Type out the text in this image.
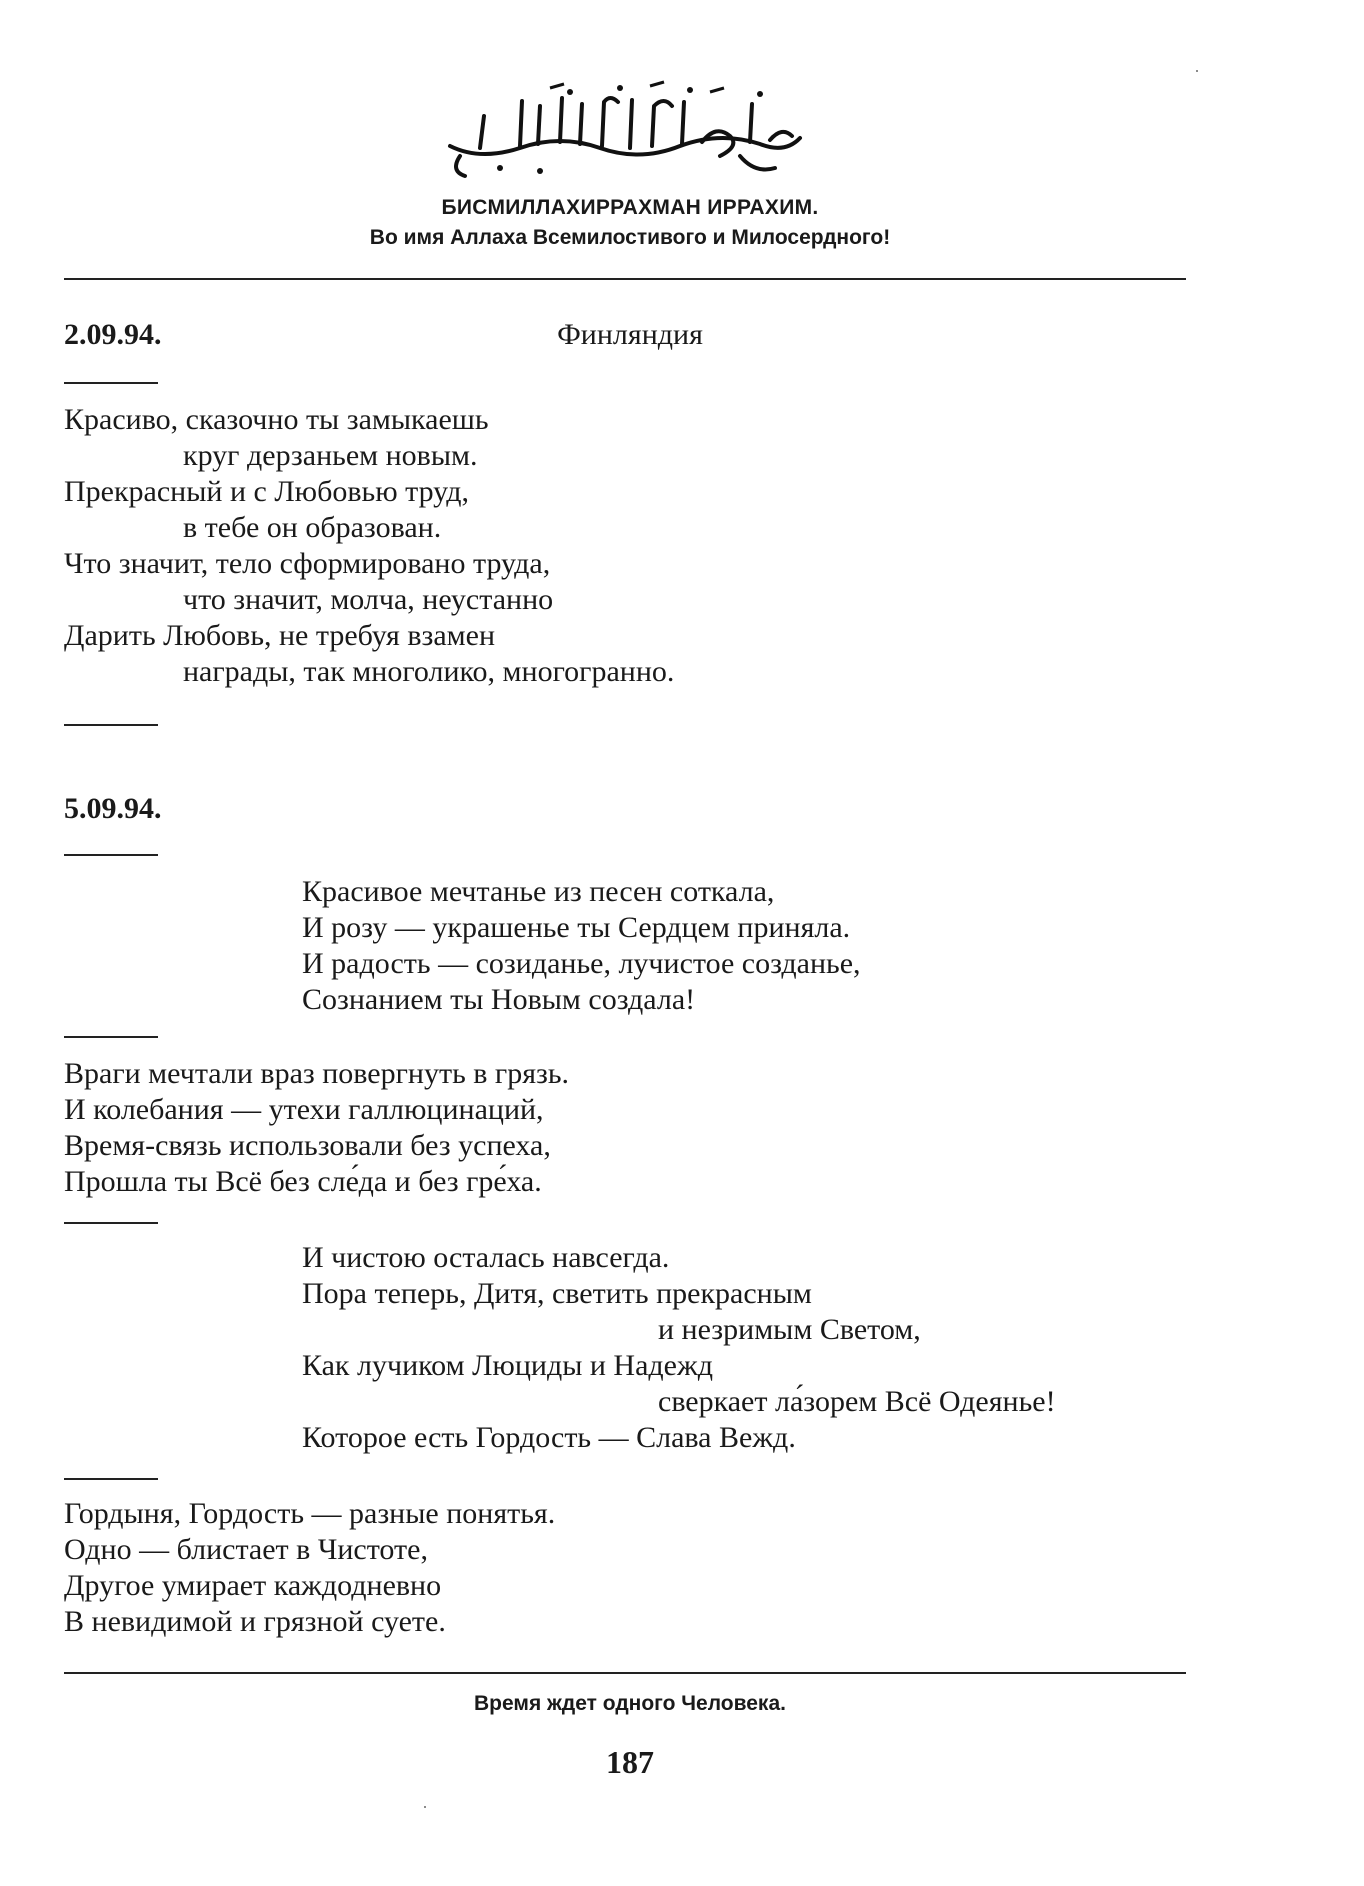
БИСМИЛЛАХИРРАХМАН ИРРАХИМ.
Во имя Аллаха Всемилостивого и Милосердного!
2.09.94.	Финляндия
Красиво, сказочно ты замыкаешь
круг дерзаньем новым.
Прекрасный и с Любовью труд,
в тебе он образован.
Что значит, тело сформировано труда,
что значит, молча, неустанно
Дарить Любовь, не требуя взамен
награды, так многолико, многогранно.
5.09.94.
Красивое мечтанье из песен соткала,
И розу — украшенье ты Сердцем приняла.
И радость — созиданье, лучистое созданье,
Сознанием ты Новым создала!
Враги мечтали враз повергнуть в грязь.
И колебания — утехи галлюцинаций,
Время-связь использовали без успеха,
Прошла ты Всё без сле́да и без гре́ха.
И чистою осталась навсегда.
Пора теперь, Дитя, светить прекрасным
и незримым Светом,
Как лучиком Люциды и Надежд
сверкает ла́зорем Всё Одеянье!
Которое есть Гордость — Слава Вежд.
Гордыня, Гордость — разные понятья.
Одно — блистает в Чистоте,
Другое умирает каждодневно
В невидимой и грязной суете.
Время ждет одного Человека.
187
